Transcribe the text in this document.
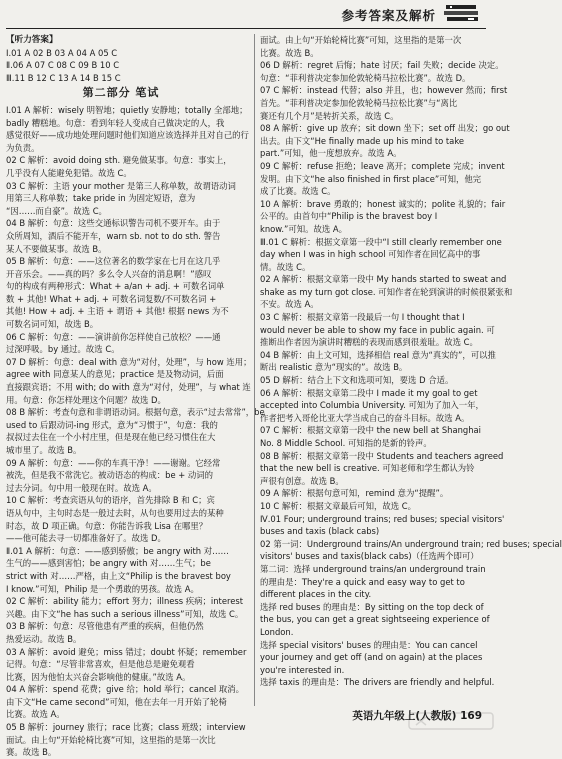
参考答案及解析
【听力答案】
Ⅰ.01 A 02 B 03 A 04 A 05 C
Ⅱ.06 A 07 C 08 C 09 B 10 C
Ⅲ.11 B 12 C 13 A 14 B 15 C
第二部分 笔试
Ⅰ.01 A 解析：wisely 明智地；quietly 安静地；totally 全部地；
badly 糟糕地。句意：看到年轻人变成自己做决定的人，我
感觉很好——成功地处理问题时他们知道应该选择并且对自己的行
为负责。
02 C 解析：avoid doing sth. 避免做某事。句意：事实上，
几乎没有人能避免犯错。故选 C。
03 C 解析：主语 your mother 是第三人称单数，故谓语动词
用第三人称单数；take pride in 为固定短语，意为
“因……而自豪”。故选 C。
04 B 解析：句意：这些交通标识警告司机不要开车。由于
众所周知，酒后不能开车，warn sb. not to do sth. 警告
某人不要做某事。故选 B。
05 B 解析：句意：——这位著名的数学家在七月在这几乎
开音乐会。——真的吗？多么令人兴奋的消息啊！”感叹
句的构成有两种形式：What + a/an + adj. + 可数名词单
数 + 其他! What + adj. + 可数名词复数/不可数名词 +
其他! How + adj. + 主语 + 谓语 + 其他! 根据 news 为不
可数名词可知，故选 B。
06 C 解析：句意：——演讲前你怎样使自己放松？——通
过深呼吸。by 通过。故选 C。
07 D 解析：句意：deal with 意为“对付，处理”，与 how 连用；
agree with 同意某人的意见；practice 是及物动词，后面
直接跟宾语；不用 with; do with 意为“对付，处理”，与 what 连
用。句意：你怎样处理这个问题？故选 D。
08 B 解析：考查句意和非谓语动词。根据句意，表示“过去常常”，be
used to 后跟动词-ing 形式，意为“习惯于”，句意：我的
叔叔过去住在一个小村庄里，但是现在他已经习惯住在大
城市里了。故选 B。
09 A 解析：句意：——你的车真干净！——谢谢。它经常
被洗，但是我不常洗它。被动语态的构成：be + 动词的
过去分词。句中用一般现在时。故选 A。
10 C 解析：考查宾语从句的语序，首先排除 B 和 C；宾
语从句中，主句时态是一般过去时，从句也要用过去的某种
时态，故 D 项正确。句意：你能告诉我 Lisa 在哪里？
——他可能去寻一切都准备好了。故选 D。
Ⅱ.01 A 解析：句意：——感到骄傲；be angry with 对……
生气的——感到害怕；be angry with 对……生气；be
strict with 对……严格，由上文“Philip is the bravest boy
I know.”可知，Philip 是一个勇敢的男孩。故选 A。
02 C 解析：ability 能力；effort 努力；illness 疾病；interest
兴趣。由下文“he has such a serious illness”可知，故选 C。
03 B 解析：句意：尽管他患有严重的疾病，但他仍然
热爱运动。故选 B。
03 A 解析：avoid 避免；miss 错过；doubt 怀疑；remember
记得。句意：“尽管非常喜欢，但是他总是避免观看
比赛，因为他怕太兴奋会影响他的健康。”故选 A。
04 A 解析：spend 花费；give 给；hold 举行；cancel 取消。
由下文“He came second”可知，他在去年一月开始了轮椅
比赛。故选 A。
05 B 解析：journey 旅行；race 比赛；class 班级；interview
面试。由上句“开始轮椅比赛”可知，这里指的是第一次比
赛。故选 B。
面试。由上句“开始轮椅比赛”可知，这里指的是第一次
比赛。故选 B。
06 D 解析：regret 后悔；hate 讨厌；fail 失败；decide 决定。
句意：“菲利普决定参加伦敦轮椅马拉松比赛”。故选 D。
07 C 解析：instead 代替；also 并且，也；however 然而；first
首先。“菲利普决定参加伦敦轮椅马拉松比赛”与“离比
赛还有几个月”是转折关系，故选 C。
08 A 解析：give up 放弃；sit down 坐下；set off 出发；go out
出去。由下文“He finally made up his mind to take
part.”可知，他一度想放弃。故选 A。
09 C 解析：refuse 拒绝；leave 离开；complete 完成；invent
发明。由下文“he also finished in first place”可知，他完
成了比赛。故选 C。
10 A 解析：brave 勇敢的；honest 诚实的；polite 礼貌的；fair
公平的。由首句中“Philip is the bravest boy I
know.”可知。故选 A。
Ⅲ.01 C 解析：根据文章第一段中“I still clearly remember one
day when I was in high school 可知作者在回忆高中的事
情。故选 C。
02 A 解析：根据文章第一段中 My hands started to sweat and
shake as my turn got close. 可知作者在轮到演讲的时候很紧张和
不安。故选 A。
03 C 解析：根据文章第一段最后一句 I thought that I
would never be able to show my face in public again. 可
推断出作者因为演讲时糟糕的表现而感到很羞耻。故选 C。
04 B 解析：由上文可知，选择相信 real 意为“真实的”，可以推
断出 realistic 意为“现实的”。故选 B。
05 D 解析：结合上下文和选项可知，要选 D 合适。
06 A 解析：根据文章第二段中 I made it my goal to get
accepted into Columbia University. 可知为了加入一年，
作者把考入哥伦比亚大学当成自己的奋斗目标。故选 A。
07 C 解析：根据文章第一段中 the new bell at Shanghai
No. 8 Middle School. 可知指的是新的铃声。
08 B 解析：根据文章第一段中 Students and teachers agreed
that the new bell is creative. 可知老师和学生都认为铃
声很有创意。故选 B。
09 A 解析：根据句意可知，remind 意为“提醒”。
10 C 解析：根据文章最后可知，故选 C。
Ⅳ.01 Four; underground trains; red buses; special visitors'
buses and taxis (black cabs)
02 第一词：Underground trains/An underground train; red buses; special
visitors' buses and taxis(black cabs)（任选两个即可）
第二词：选择 underground trains/an underground train
的理由是：They're a quick and easy way to get to
different places in the city.
选择 red buses 的理由是：By sitting on the top deck of
the bus, you can get a great sightseeing experience of
London.
选择 special visitors' buses 的理由是：You can cancel
your journey and get off (and on again) at the places
you're interested in.
选择 taxis 的理由是：The drivers are friendly and helpful.
英语九年级上(人教版) 169
